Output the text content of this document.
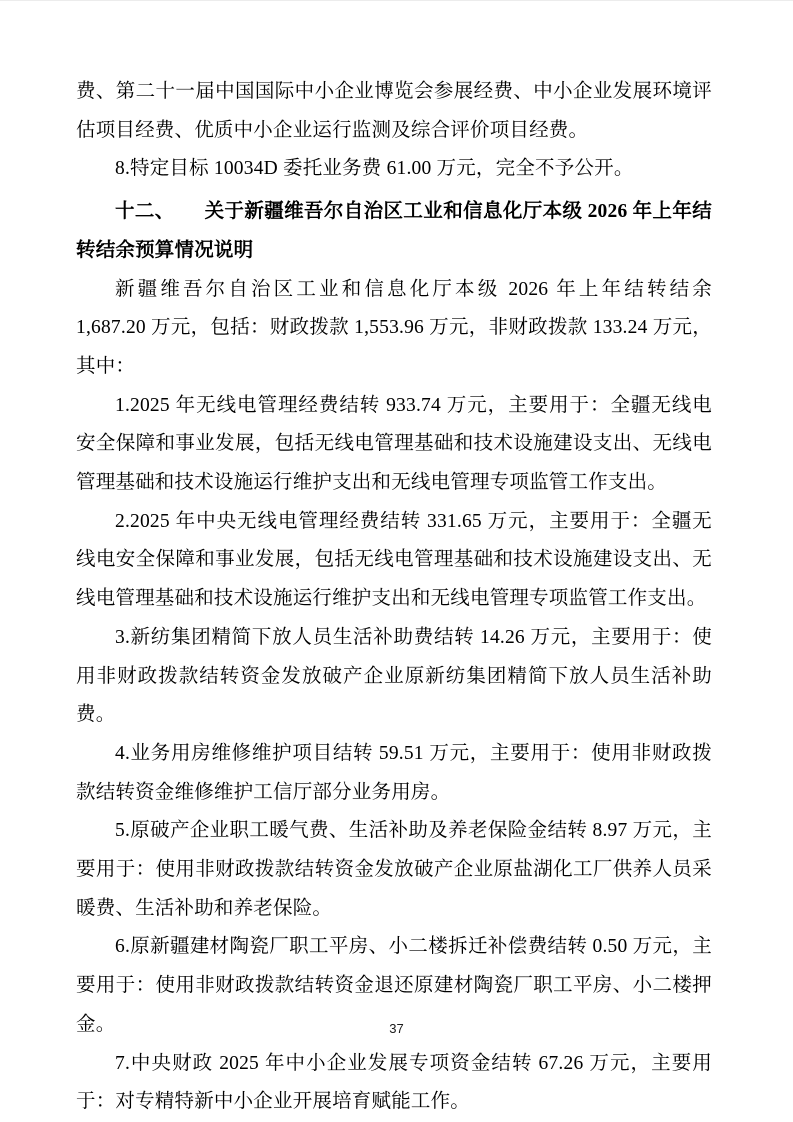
费、第二十一届中国国际中小企业博览会参展经费、中小企业发展环境评估项目经费、优质中小企业运行监测及综合评价项目经费。

8.特定目标 10034D 委托业务费 61.00 万元，完全不予公开。

十二、　　关于新疆维吾尔自治区工业和信息化厅本级 2026 年上年结转结余预算情况说明

新疆维吾尔自治区工业和信息化厅本级 2026 年上年结转结余 1,687.20 万元，包括：财政拨款 1,553.96 万元，非财政拨款 133.24 万元，其中：

1.2025 年无线电管理经费结转 933.74 万元，主要用于：全疆无线电安全保障和事业发展，包括无线电管理基础和技术设施建设支出、无线电管理基础和技术设施运行维护支出和无线电管理专项监管工作支出。

2.2025 年中央无线电管理经费结转 331.65 万元，主要用于：全疆无线电安全保障和事业发展，包括无线电管理基础和技术设施建设支出、无线电管理基础和技术设施运行维护支出和无线电管理专项监管工作支出。

3.新纺集团精简下放人员生活补助费结转 14.26 万元，主要用于：使用非财政拨款结转资金发放破产企业原新纺集团精简下放人员生活补助费。

4.业务用房维修维护项目结转 59.51 万元，主要用于：使用非财政拨款结转资金维修维护工信厅部分业务用房。

5.原破产企业职工暖气费、生活补助及养老保险金结转 8.97 万元，主要用于：使用非财政拨款结转资金发放破产企业原盐湖化工厂供养人员采暖费、生活补助和养老保险。

6.原新疆建材陶瓷厂职工平房、小二楼拆迁补偿费结转 0.50 万元，主要用于：使用非财政拨款结转资金退还原建材陶瓷厂职工平房、小二楼押金。

7.中央财政 2025 年中小企业发展专项资金结转 67.26 万元，主要用于：对专精特新中小企业开展培育赋能工作。

37
